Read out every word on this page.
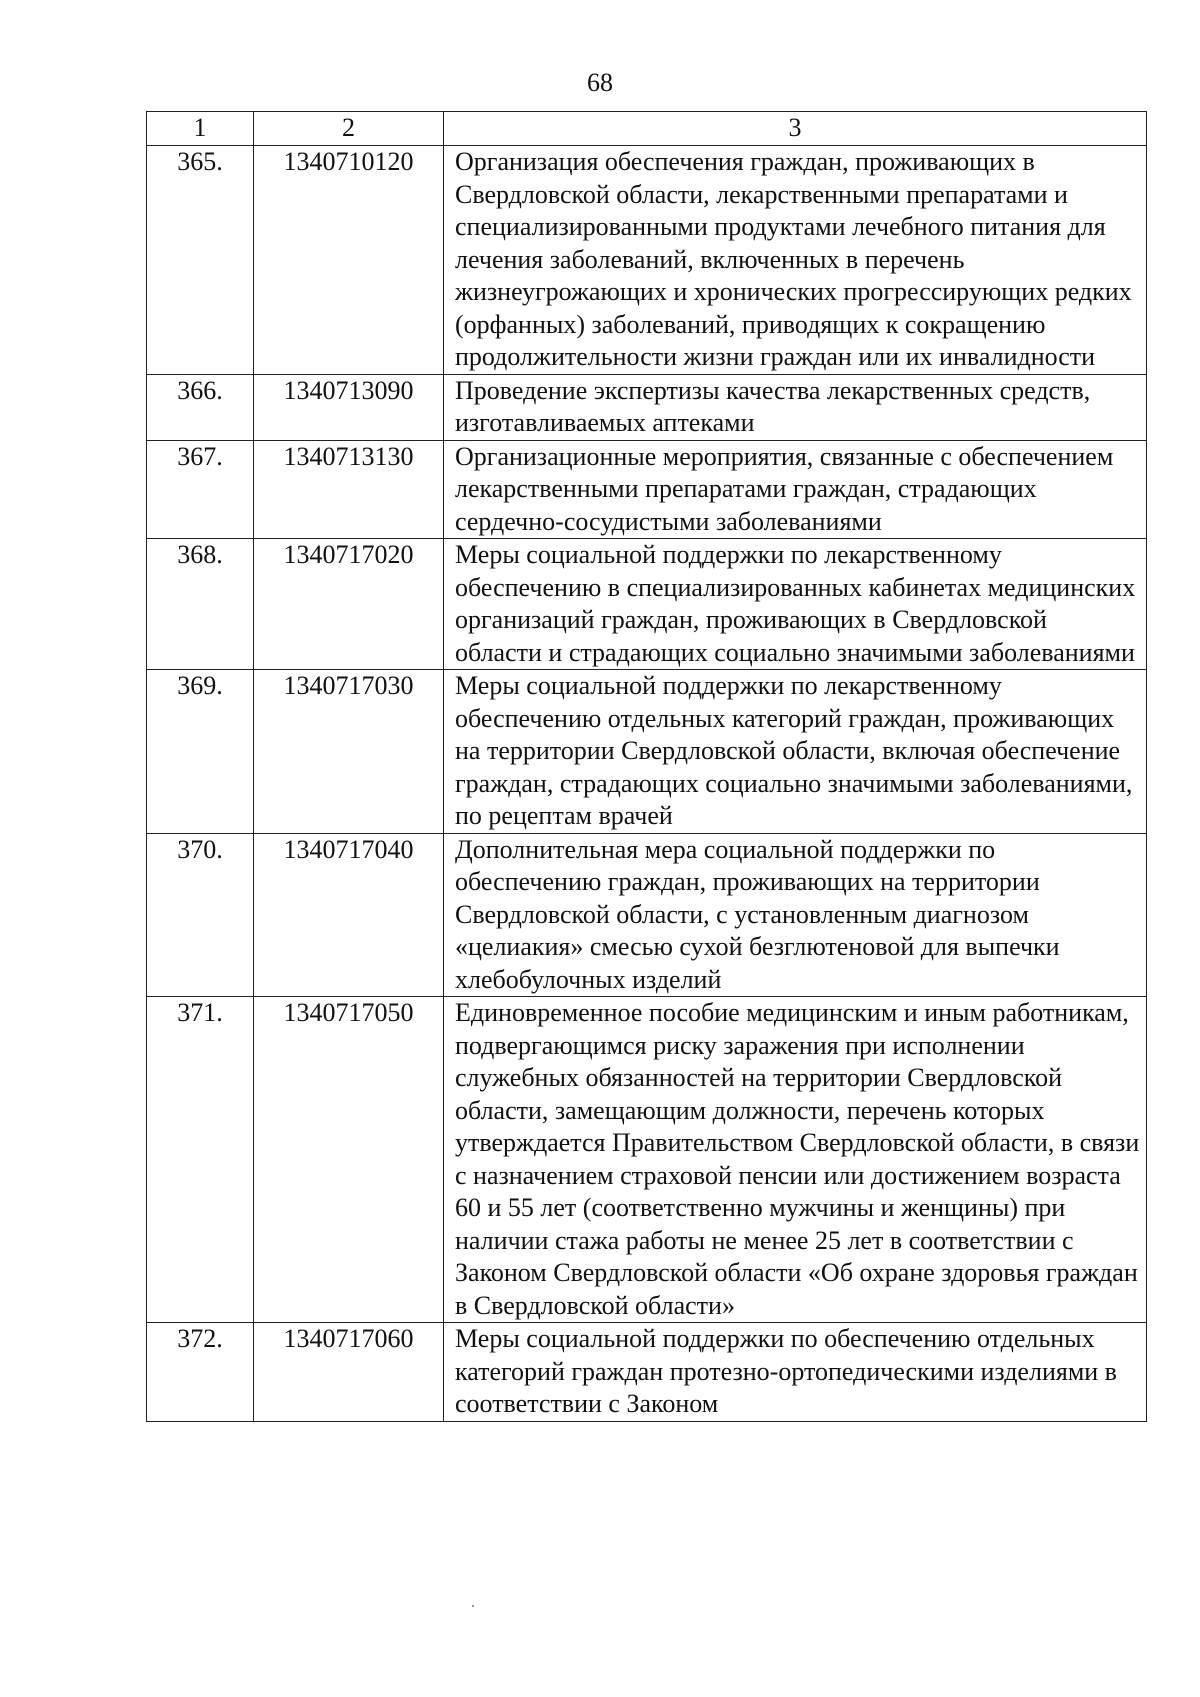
68
1	2	3
365.	1340710120	Организация обеспечения граждан, проживающих в Свердловской области, лекарственными препаратами и специализированными продуктами лечебного питания для лечения заболеваний, включенных в перечень жизнеугрожающих и хронических прогрессирующих редких (орфанных) заболеваний, приводящих к сокращению продолжительности жизни граждан или их инвалидности
366.	1340713090	Проведение экспертизы качества лекарственных средств, изготавливаемых аптеками
367.	1340713130	Организационные мероприятия, связанные с обеспечением лекарственными препаратами граждан, страдающих сердечно-сосудистыми заболеваниями
368.	1340717020	Меры социальной поддержки по лекарственному обеспечению в специализированных кабинетах медицинских организаций граждан, проживающих в Свердловской области и страдающих социально значимыми заболеваниями
369.	1340717030	Меры социальной поддержки по лекарственному обеспечению отдельных категорий граждан, проживающих на территории Свердловской области, включая обеспечение граждан, страдающих социально значимыми заболеваниями, по рецептам врачей
370.	1340717040	Дополнительная мера социальной поддержки по обеспечению граждан, проживающих на территории Свердловской области, с установленным диагнозом «целиакия» смесью сухой безглютеновой для выпечки хлебобулочных изделий
371.	1340717050	Единовременное пособие медицинским и иным работникам, подвергающимся риску заражения при исполнении служебных обязанностей на территории Свердловской области, замещающим должности, перечень которых утверждается Правительством Свердловской области, в связи с назначением страховой пенсии или достижением возраста 60 и 55 лет (соответственно мужчины и женщины) при наличии стажа работы не менее 25 лет в соответствии с Законом Свердловской области «Об охране здоровья граждан в Свердловской области»
372.	1340717060	Меры социальной поддержки по обеспечению отдельных категорий граждан протезно-ортопедическими изделиями в соответствии с Законом
